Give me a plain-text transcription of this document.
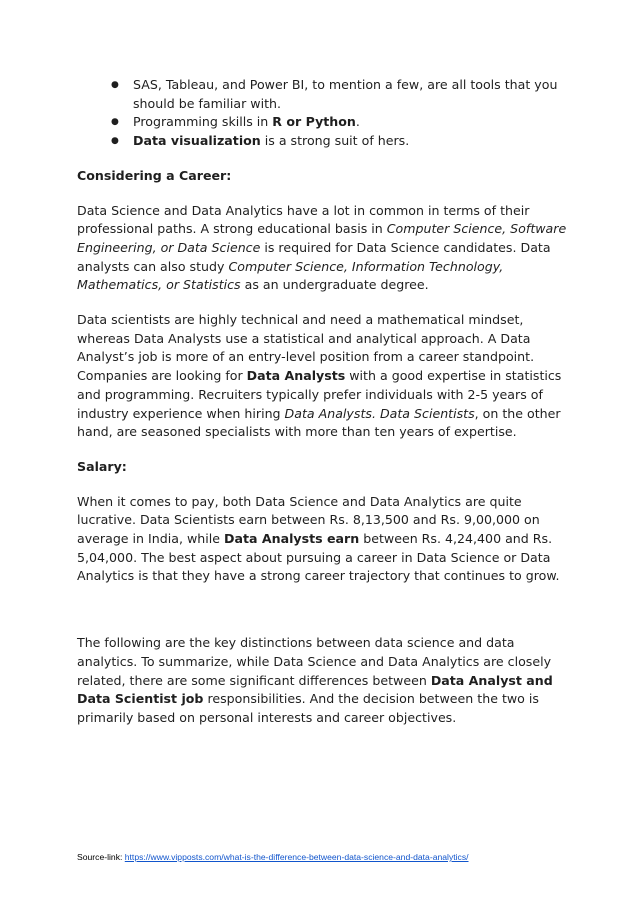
● SAS, Tableau, and Power BI, to mention a few, are all tools that you should be familiar with.
● Programming skills in R or Python.
● Data visualization is a strong suit of hers.

Considering a Career:

Data Science and Data Analytics have a lot in common in terms of their professional paths. A strong educational basis in Computer Science, Software Engineering, or Data Science is required for Data Science candidates. Data analysts can also study Computer Science, Information Technology, Mathematics, or Statistics as an undergraduate degree.

Data scientists are highly technical and need a mathematical mindset, whereas Data Analysts use a statistical and analytical approach. A Data Analyst’s job is more of an entry-level position from a career standpoint. Companies are looking for Data Analysts with a good expertise in statistics and programming. Recruiters typically prefer individuals with 2-5 years of industry experience when hiring Data Analysts. Data Scientists, on the other hand, are seasoned specialists with more than ten years of expertise.

Salary:

When it comes to pay, both Data Science and Data Analytics are quite lucrative. Data Scientists earn between Rs. 8,13,500 and Rs. 9,00,000 on average in India, while Data Analysts earn between Rs. 4,24,400 and Rs. 5,04,000. The best aspect about pursuing a career in Data Science or Data Analytics is that they have a strong career trajectory that continues to grow.

The following are the key distinctions between data science and data analytics. To summarize, while Data Science and Data Analytics are closely related, there are some significant differences between Data Analyst and Data Scientist job responsibilities. And the decision between the two is primarily based on personal interests and career objectives.

Source-link: https://www.vipposts.com/what-is-the-difference-between-data-science-and-data-analytics/
